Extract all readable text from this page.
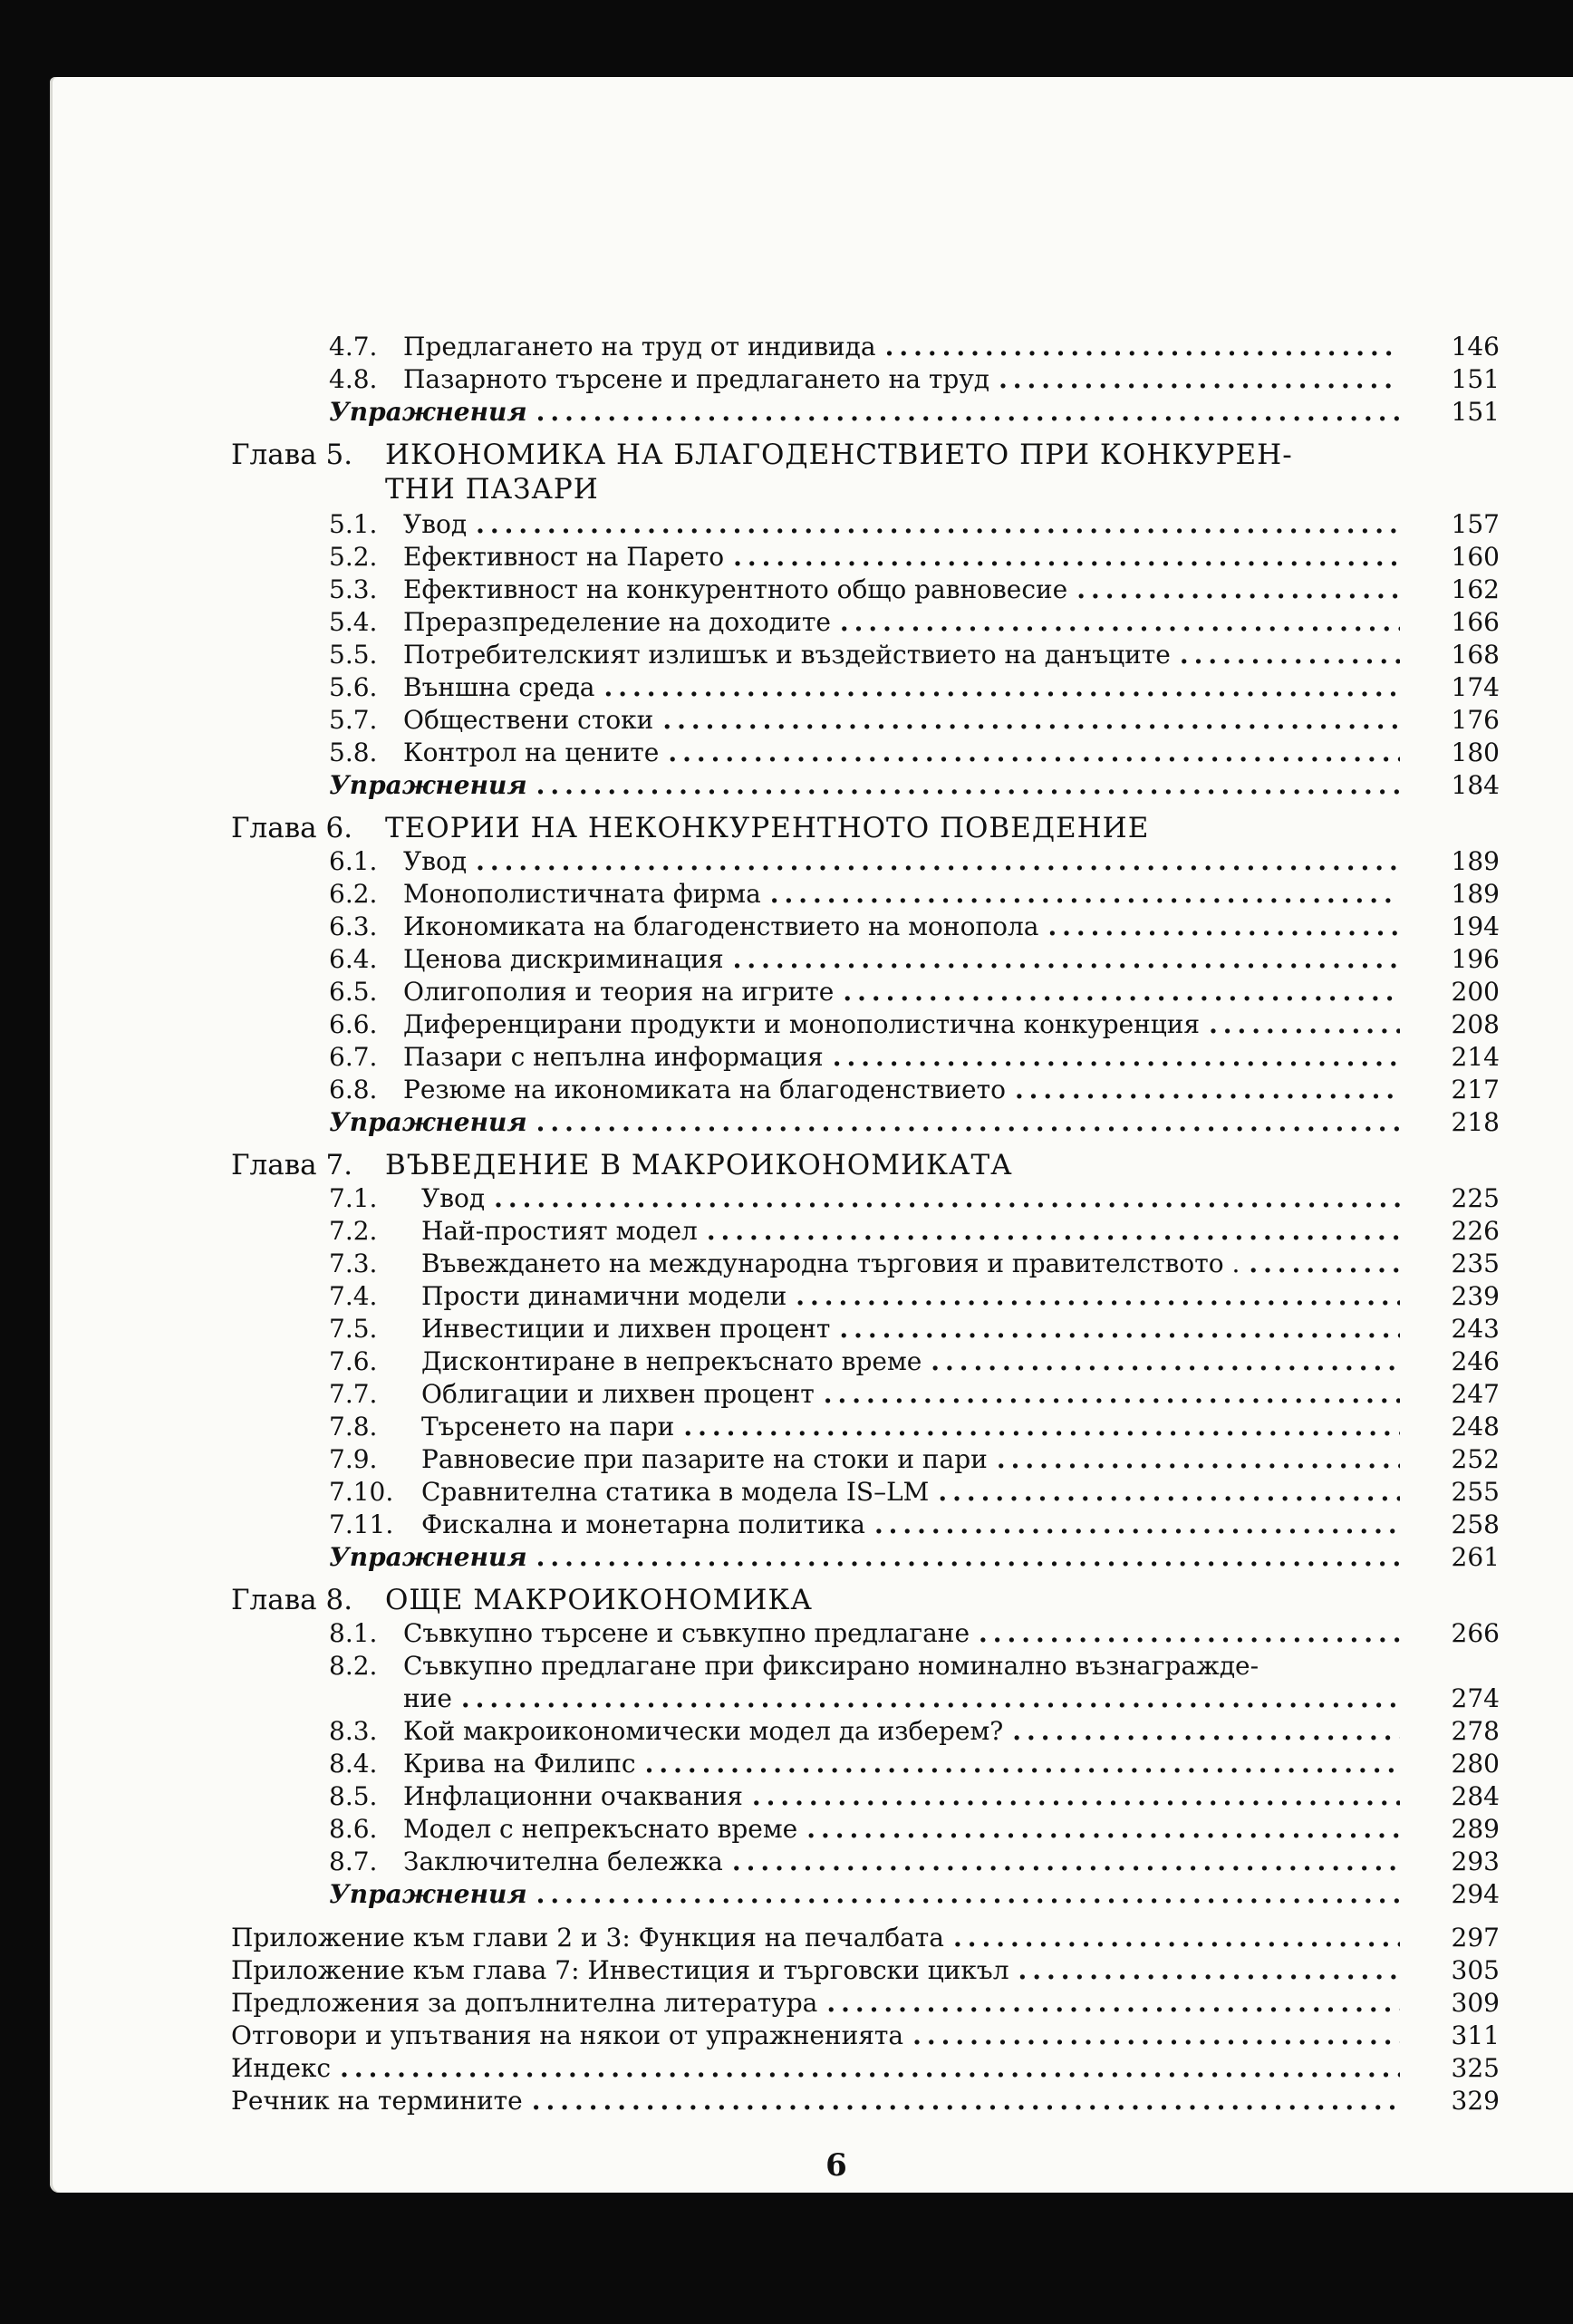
4.7.	Предлагането на труд от индивида .....	146
4.8.	Пазарното търсене и предлагането на труд .....	151
Упражнения .....	151
Глава 5. ИКОНОМИКА НА БЛАГОДЕНСТВИЕТО ПРИ КОНКУРЕН-
ТНИ ПАЗАРИ
5.1.	Увод .....	157
5.2.	Ефективност на Парето .....	160
5.3.	Ефективност на конкурентното общо равновесие .....	162
5.4.	Преразпределение на доходите .....	166
5.5.	Потребителският излишък и въздействието на данъците .....	168
5.6.	Външна среда .....	174
5.7.	Обществени стоки .....	176
5.8.	Контрол на цените .....	180
Упражнения .....	184
Глава 6. ТЕОРИИ НА НЕКОНКУРЕНТНОТО ПОВЕДЕНИЕ
6.1.	Увод .....	189
6.2.	Монополистичната фирма .....	189
6.3.	Икономиката на благоденствието на монопола .....	194
6.4.	Ценова дискриминация .....	196
6.5.	Олигополия и теория на игрите .....	200
6.6.	Диференцирани продукти и монополистична конкуренция .....	208
6.7.	Пазари с непълна информация .....	214
6.8.	Резюме на икономиката на благоденствието .....	217
Упражнения .....	218
Глава 7. ВЪВЕДЕНИЕ В МАКРОИКОНОМИКАТА
7.1.	Увод .....	225
7.2.	Най-простият модел .....	226
7.3.	Въвеждането на международна търговия и правителството . .....	235
7.4.	Прости динамични модели .....	239
7.5.	Инвестиции и лихвен процент .....	243
7.6.	Дисконтиране в непрекъснато време .....	246
7.7.	Облигации и лихвен процент .....	247
7.8.	Търсенето на пари .....	248
7.9.	Равновесие при пазарите на стоки и пари .....	252
7.10.	Сравнителна статика в модела IS–LM .....	255
7.11.	Фискална и монетарна политика .....	258
Упражнения .....	261
Глава 8. ОЩЕ МАКРОИКОНОМИКА
8.1.	Съвкупно търсене и съвкупно предлагане .....	266
8.2.	Съвкупно предлагане при фиксирано номинално възнагражде-
ние .....	274
8.3.	Кой макроикономически модел да изберем? .....	278
8.4.	Крива на Филипс .....	280
8.5.	Инфлационни очаквания .....	284
8.6.	Модел с непрекъснато време .....	289
8.7.	Заключителна бележка .....	293
Упражнения .....	294
Приложение към глави 2 и 3: Функция на печалбата .....	297
Приложение към глава 7: Инвестиция и търговски цикъл .....	305
Предложения за допълнителна литература .....	309
Отговори и упътвания на някои от упражненията .....	311
Индекс .....	325
Речник на термините .....	329
6
